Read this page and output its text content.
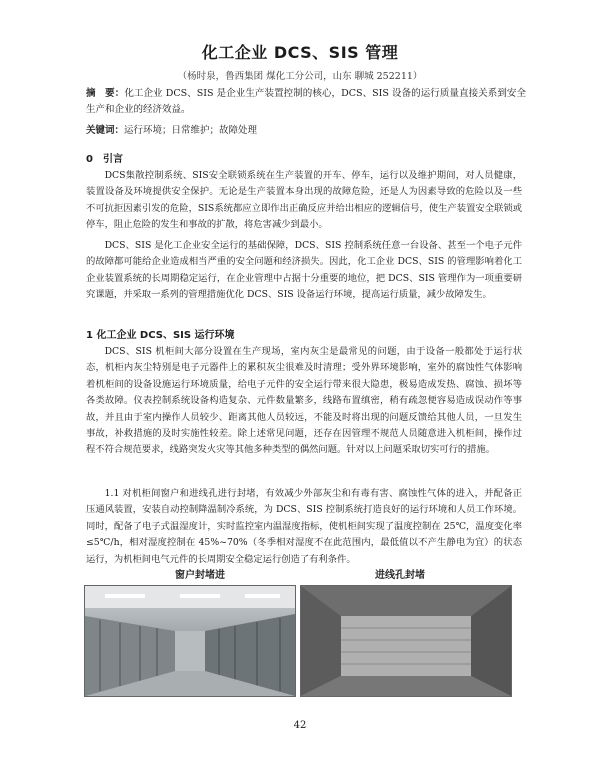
化工企业 DCS、SIS 管理
（杨时泉，鲁西集团 煤化工分公司，山东 聊城 252211）
摘　要：化工企业 DCS、SIS 是企业生产装置控制的核心，DCS、SIS 设备的运行质量直接关系到安全生产和企业的经济效益。
关键词：运行环境；日常维护；故障处理
0　引言

DCS集散控制系统、SIS安全联锁系统在生产装置的开车、停车，运行以及维护期间，对人员健康，装置设备及环境提供安全保护。无论是生产装置本身出现的故障危险，还是人为因素导致的危险以及一些不可抗拒因素引发的危险，SIS系统都应立即作出正确反应并给出相应的逻辑信号，使生产装置安全联锁或停车，阻止危险的发生和事故的扩散，将危害减少到最小。

DCS、SIS 是化工企业安全运行的基础保障，DCS、SIS 控制系统任意一台设备、甚至一个电子元件的故障都可能给企业造成相当严重的安全问题和经济损失。因此，化工企业 DCS、SIS 的管理影响着化工企业装置系统的长周期稳定运行，在企业管理中占据十分重要的地位，把 DCS、SIS 管理作为一项重要研究课题，并采取一系列的管理措施优化 DCS、SIS 设备运行环境，提高运行质量，减少故障发生。

1 化工企业 DCS、SIS 运行环境

DCS、SIS 机柜间大部分设置在生产现场，室内灰尘是最常见的问题，由于设备一般都处于运行状态，机柜内灰尘特别是电子元器件上的累积灰尘很难及时清理；受外界环境影响，室外的腐蚀性气体影响着机柜间的设备设施运行环境质量，给电子元件的安全运行带来很大隐患，极易造成发热、腐蚀、损坏等各类故障。仪表控制系统设备构造复杂、元件数量繁多，线路布置缜密，稍有疏忽便容易造成误动作等事故，并且由于室内操作人员较少、距离其他人员较远，不能及时将出现的问题反馈给其他人员，一旦发生事故，补救措施的及时实施性较差。除上述常见问题，还存在因管理不规范人员随意进入机柜间，操作过程不符合规范要求，线路突发火灾等其他多种类型的偶然问题。针对以上问题采取切实可行的措施。

1.1 对机柜间窗户和进线孔进行封堵，有效减少外部灰尘和有毒有害、腐蚀性气体的进入，并配备正压通风装置，安装自动控制降温制冷系统，为 DCS、SIS 控制系统打造良好的运行环境和人员工作环境。同时，配备了电子式温湿度计，实时监控室内温湿度指标，使机柜间实现了温度控制在 25℃，温度变化率≤5℃/h，相对湿度控制在 45%~70%（冬季相对湿度不在此范围内，最低值以不产生静电为宜）的状态运行，为机柜间电气元件的长周期安全稳定运行创造了有利条件。

窗户封堵进	进线孔封堵
42
